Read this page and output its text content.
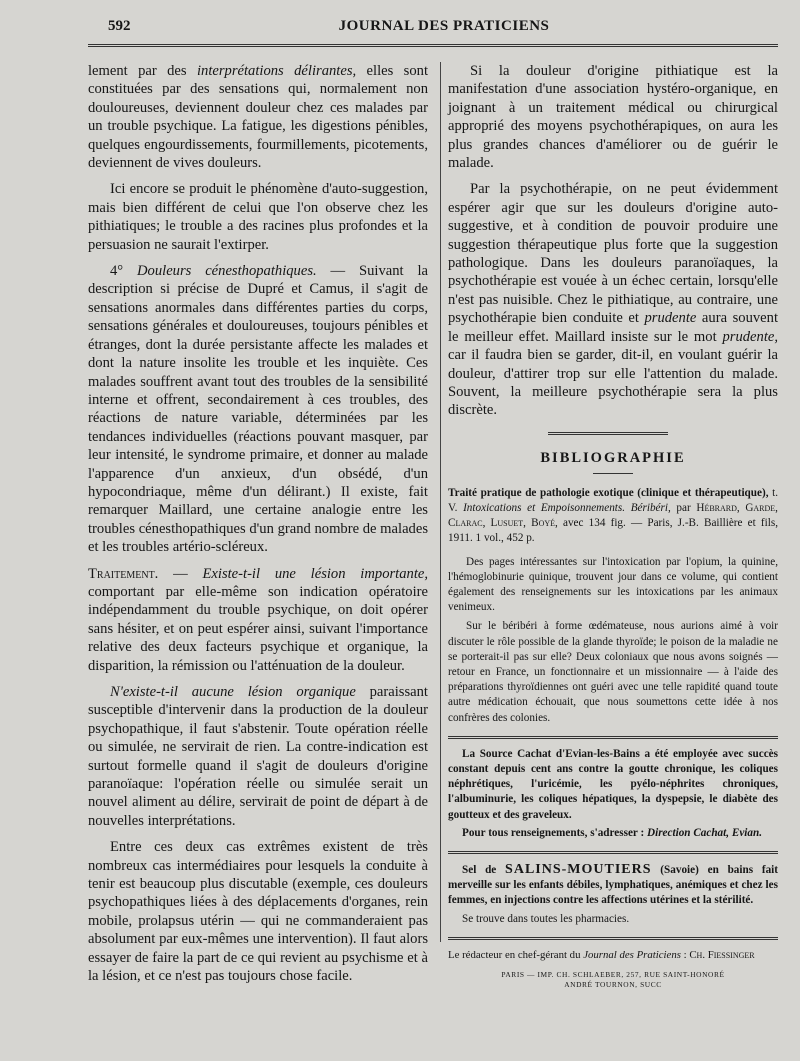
592	JOURNAL DES PRATICIENS

lement par des interprétations délirantes, elles sont constituées par des sensations qui, normalement non douloureuses, deviennent douleur chez ces malades par un trouble psychique. La fatigue, les digestions pénibles, quelques engourdissements, fourmillements, picotements, deviennent de vives douleurs.

Ici encore se produit le phénomène d'auto-suggestion, mais bien différent de celui que l'on observe chez les pithiatiques; le trouble a des racines plus profondes et la persuasion ne saurait l'extirper.

4° Douleurs cénesthopathiques. — Suivant la description si précise de Dupré et Camus, il s'agit de sensations anormales dans différentes parties du corps, sensations générales et douloureuses, toujours pénibles et étranges, dont la durée persistante affecte les malades et dont la nature insolite les trouble et les inquiète. Ces malades souffrent avant tout des troubles de la sensibilité interne et offrent, secondairement à ces troubles, des réactions de nature variable, déterminées par les tendances individuelles (réactions pouvant masquer, par leur intensité, le syndrome primaire, et donner au malade l'apparence d'un anxieux, d'un obsédé, d'un hypocondriaque, même d'un délirant.) Il existe, fait remarquer Maillard, une certaine analogie entre les troubles cénesthopathiques d'un grand nombre de malades et les troubles artério-scléreux.

Traitement. — Existe-t-il une lésion importante, comportant par elle-même son indication opératoire indépendamment du trouble psychique, on doit opérer sans hésiter, et on peut espérer ainsi, suivant l'importance relative des deux facteurs psychique et organique, la disparition, la rémission ou l'atténuation de la douleur.

N'existe-t-il aucune lésion organique paraissant susceptible d'intervenir dans la production de la douleur psychopathique, il faut s'abstenir. Toute opération réelle ou simulée, ne servirait de rien. La contre-indication est surtout formelle quand il s'agit de douleurs d'origine paranoïaque: l'opération réelle ou simulée serait un nouvel aliment au délire, servirait de point de départ à de nouvelles interprétations.

Entre ces deux cas extrêmes existent de très nombreux cas intermédiaires pour lesquels la conduite à tenir est beaucoup plus discutable (exemple, ces douleurs psychopathiques liées à des déplacements d'organes, rein mobile, prolapsus utérin — qui ne commanderaient pas absolument par eux-mêmes une intervention). Il faut alors essayer de faire la part de ce qui revient au psychisme et à la lésion, et ce n'est pas toujours chose facile.

Si la douleur d'origine pithiatique est la manifestation d'une association hystéro-organique, en joignant à un traitement médical ou chirurgical approprié des moyens psychothérapiques, on aura les plus grandes chances d'améliorer ou de guérir le malade.

Par la psychothérapie, on ne peut évidemment espérer agir que sur les douleurs d'origine auto-suggestive, et à condition de pouvoir produire une suggestion thérapeutique plus forte que la suggestion pathologique. Dans les douleurs paranoïaques, la psychothérapie est vouée à un échec certain, lorsqu'elle n'est pas nuisible. Chez le pithiatique, au contraire, une psychothérapie bien conduite et prudente aura souvent le meilleur effet. Maillard insiste sur le mot prudente, car il faudra bien se garder, dit-il, en voulant guérir la douleur, d'attirer trop sur elle l'attention du malade. Souvent, la meilleure psychothérapie sera la plus discrète.

BIBLIOGRAPHIE

Traité pratique de pathologie exotique (clinique et thérapeutique), t. V. Intoxications et Empoisonnements. Béribéri, par Hébrard, Garde, Clarac, Lusuet, Boyé, avec 134 fig. — Paris, J.-B. Baillière et fils, 1911. 1 vol., 452 p.

Des pages intéressantes sur l'intoxication par l'opium, la quinine, l'hémoglobinurie quinique, trouvent jour dans ce volume, qui contient également des renseignements sur les intoxications par les animaux venimeux.

Sur le béribéri à forme œdémateuse, nous aurions aimé à voir discuter le rôle possible de la glande thyroïde; le poison de la maladie ne se porterait-il pas sur elle? Deux coloniaux que nous avons soignés — retour en France, un fonctionnaire et un missionnaire — à l'aide des préparations thyroïdiennes ont guéri avec une telle rapidité quand toute autre médication échouait, que nous soumettons cette idée à nos confrères des colonies.

La Source Cachat d'Evian-les-Bains a été employée avec succès constant depuis cent ans contre la goutte chronique, les coliques néphrétiques, l'uricémie, les pyélo-néphrites chroniques, l'albuminurie, les coliques hépatiques, la dyspepsie, le diabète des goutteux et des graveleux.

Pour tous renseignements, s'adresser : Direction Cachat, Evian.

Sel de SALINS-MOUTIERS (Savoie) en bains fait merveille sur les enfants débiles, lymphatiques, anémiques et chez les femmes, en injections contre les affections utérines et la stérilité.

Se trouve dans toutes les pharmacies.

Le rédacteur en chef-gérant du Journal des Praticiens : Ch. Fiessinger

PARIS — IMP. CH. SCHLAEBER, 257, RUE SAINT-HONORÉ
ANDRÉ TOURNON, SUCC
